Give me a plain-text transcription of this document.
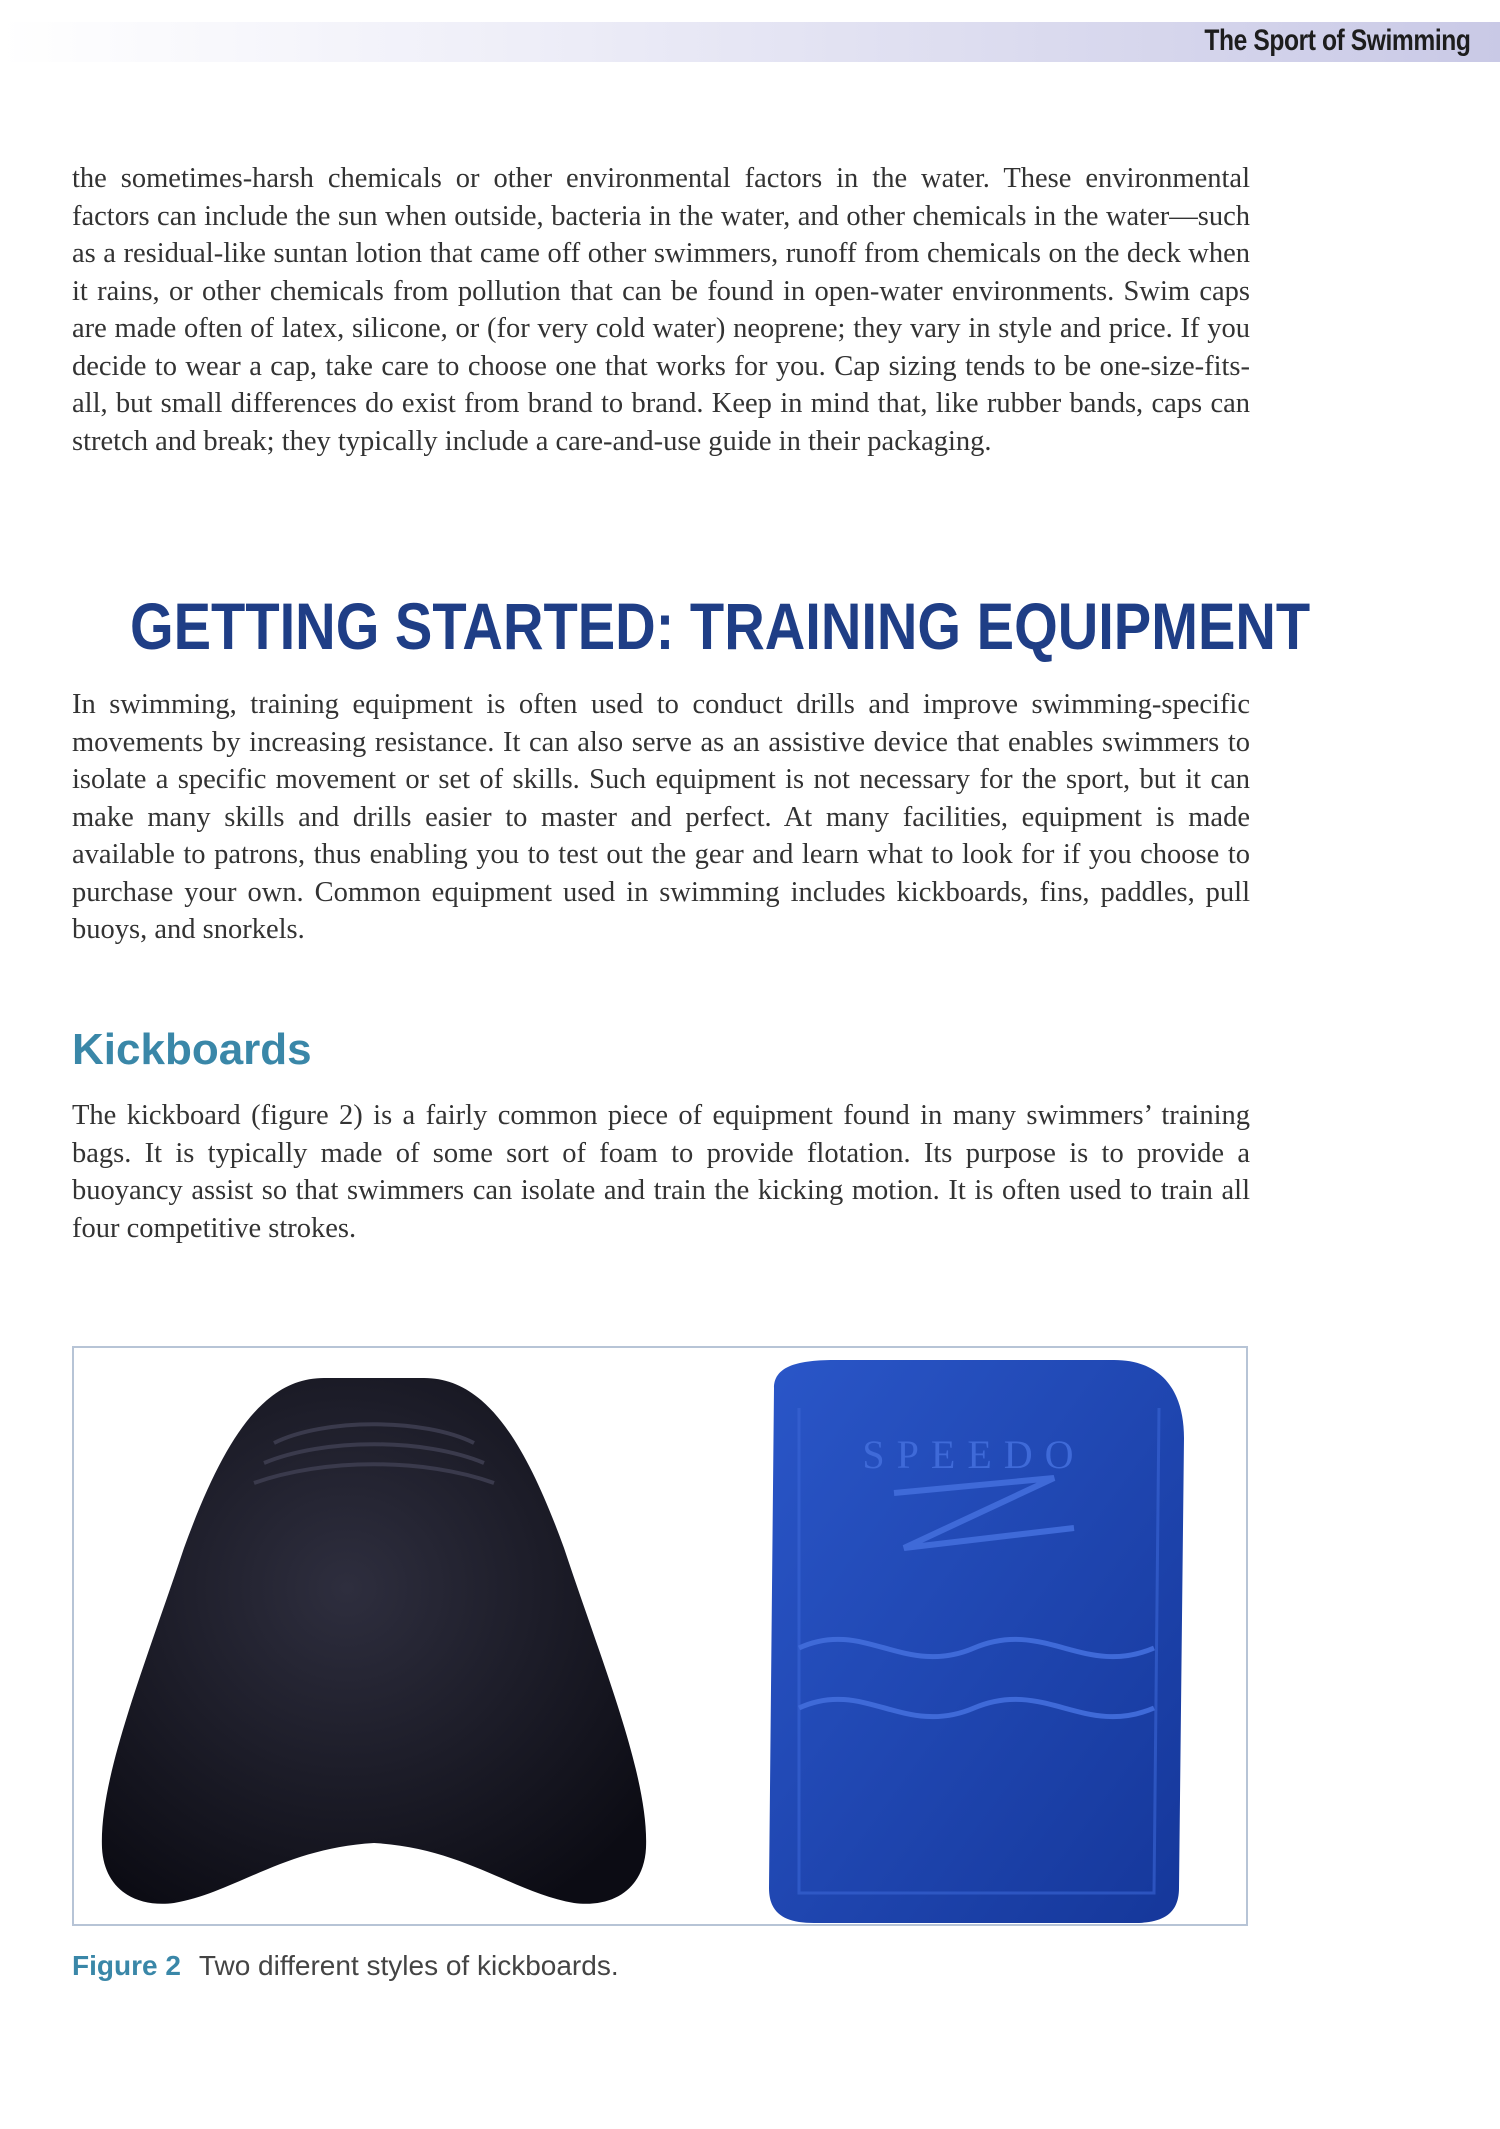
The Sport of Swimming

the sometimes-harsh chemicals or other environmental factors in the water. These environmental factors can include the sun when outside, bacteria in the water, and other chemicals in the water—such as a residual-like suntan lotion that came off other swimmers, runoff from chemicals on the deck when it rains, or other chemicals from pollution that can be found in open-water environments. Swim caps are made often of latex, silicone, or (for very cold water) neoprene; they vary in style and price. If you decide to wear a cap, take care to choose one that works for you. Cap sizing tends to be one-size-fits-all, but small differences do exist from brand to brand. Keep in mind that, like rubber bands, caps can stretch and break; they typically include a care-and-use guide in their packaging.

GETTING STARTED: TRAINING EQUIPMENT

In swimming, training equipment is often used to conduct drills and improve swimming-specific movements by increasing resistance. It can also serve as an assistive device that enables swimmers to isolate a specific movement or set of skills. Such equipment is not necessary for the sport, but it can make many skills and drills easier to master and perfect. At many facilities, equipment is made available to patrons, thus enabling you to test out the gear and learn what to look for if you choose to purchase your own. Common equipment used in swimming includes kickboards, fins, paddles, pull buoys, and snorkels.

Kickboards

The kickboard (figure 2) is a fairly common piece of equipment found in many swimmers’ training bags. It is typically made of some sort of foam to provide flotation. Its purpose is to provide a buoyancy assist so that swimmers can isolate and train the kicking motion. It is often used to train all four competitive strokes.

SPEEDO
Figure 2 Two different styles of kickboards.
